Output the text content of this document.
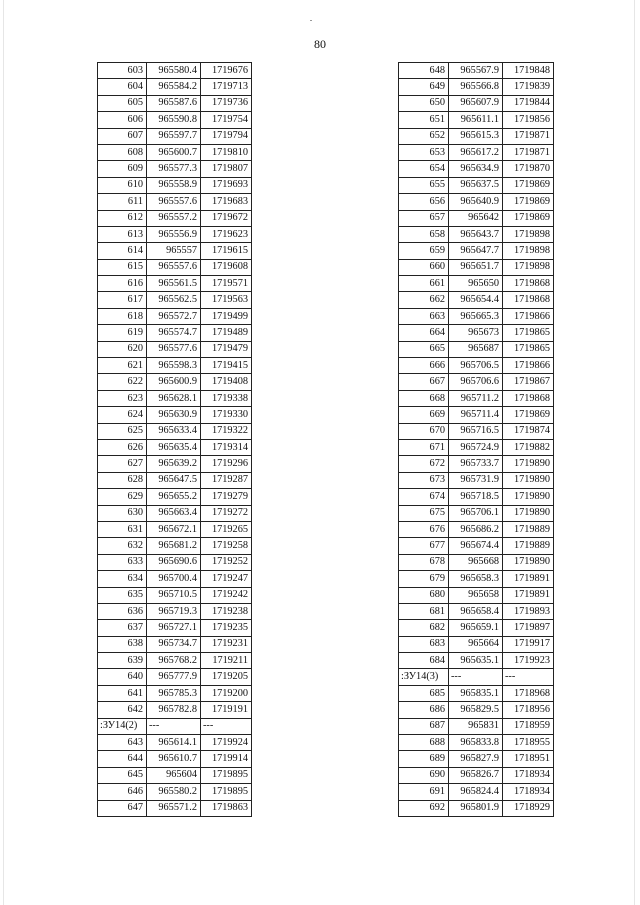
80
603	965580.4	1719676
604	965584.2	1719713
605	965587.6	1719736
606	965590.8	1719754
607	965597.7	1719794
608	965600.7	1719810
609	965577.3	1719807
610	965558.9	1719693
611	965557.6	1719683
612	965557.2	1719672
613	965556.9	1719623
614	965557	1719615
615	965557.6	1719608
616	965561.5	1719571
617	965562.5	1719563
618	965572.7	1719499
619	965574.7	1719489
620	965577.6	1719479
621	965598.3	1719415
622	965600.9	1719408
623	965628.1	1719338
624	965630.9	1719330
625	965633.4	1719322
626	965635.4	1719314
627	965639.2	1719296
628	965647.5	1719287
629	965655.2	1719279
630	965663.4	1719272
631	965672.1	1719265
632	965681.2	1719258
633	965690.6	1719252
634	965700.4	1719247
635	965710.5	1719242
636	965719.3	1719238
637	965727.1	1719235
638	965734.7	1719231
639	965768.2	1719211
640	965777.9	1719205
641	965785.3	1719200
642	965782.8	1719191
:ЗУ14(2)	---	---
643	965614.1	1719924
644	965610.7	1719914
645	965604	1719895
646	965580.2	1719895
647	965571.2	1719863
648	965567.9	1719848
649	965566.8	1719839
650	965607.9	1719844
651	965611.1	1719856
652	965615.3	1719871
653	965617.2	1719871
654	965634.9	1719870
655	965637.5	1719869
656	965640.9	1719869
657	965642	1719869
658	965643.7	1719898
659	965647.7	1719898
660	965651.7	1719898
661	965650	1719868
662	965654.4	1719868
663	965665.3	1719866
664	965673	1719865
665	965687	1719865
666	965706.5	1719866
667	965706.6	1719867
668	965711.2	1719868
669	965711.4	1719869
670	965716.5	1719874
671	965724.9	1719882
672	965733.7	1719890
673	965731.9	1719890
674	965718.5	1719890
675	965706.1	1719890
676	965686.2	1719889
677	965674.4	1719889
678	965668	1719890
679	965658.3	1719891
680	965658	1719891
681	965658.4	1719893
682	965659.1	1719897
683	965664	1719917
684	965635.1	1719923
:ЗУ14(3)	---	---
685	965835.1	1718968
686	965829.5	1718956
687	965831	1718959
688	965833.8	1718955
689	965827.9	1718951
690	965826.7	1718934
691	965824.4	1718934
692	965801.9	1718929
